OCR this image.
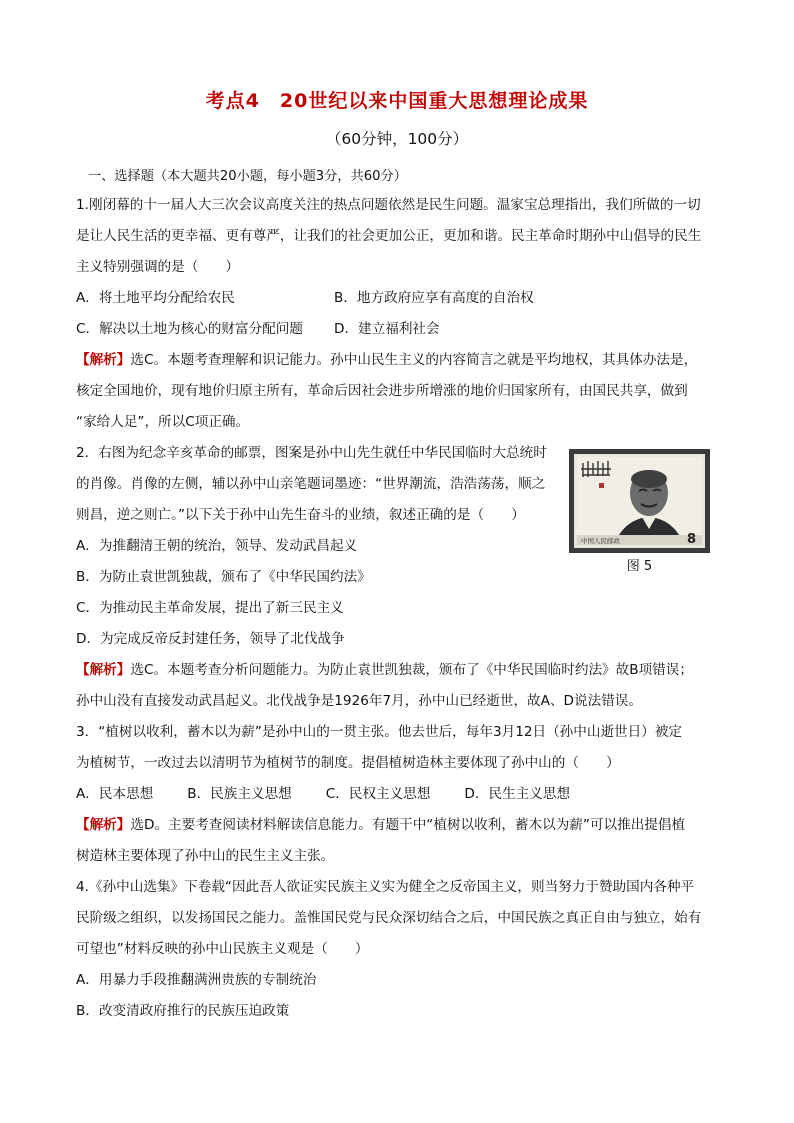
考点4　20世纪以来中国重大思想理论成果
（60分钟，100分）
一、选择题（本大题共20小题，每小题3分，共60分）

1.刚闭幕的十一届人大三次会议高度关注的热点问题依然是民生问题。温家宝总理指出，我们所做的一切

是让人民生活的更幸福、更有尊严，让我们的社会更加公正，更加和谐。民主革命时期孙中山倡导的民生

主义特别强调的是（　　）

A．将土地平均分配给农民	B．地方政府应享有高度的自治权
C．解决以土地为核心的财富分配问题	D．建立福利社会

【解析】选C。本题考查理解和识记能力。孙中山民生主义的内容简言之就是平均地权，其具体办法是，

核定全国地价，现有地价归原主所有，革命后因社会进步所增涨的地价归国家所有，由国民共享，做到

“家给人足”，所以C项正确。

2．右图为纪念辛亥革命的邮票，图案是孙中山先生就任中华民国临时大总统时

的肖像。肖像的左侧，辅以孙中山亲笔题词墨迹：“世界潮流，浩浩荡荡，顺之

则昌，逆之则亡。”以下关于孙中山先生奋斗的业绩，叙述正确的是（　　）

A．为推翻清王朝的统治，领导、发动武昌起义

B．为防止袁世凯独裁，颁布了《中华民国约法》

C．为推动民主革命发展，提出了新三民主义

D．为完成反帝反封建任务，领导了北伐战争

【解析】选C。本题考查分析问题能力。为防止袁世凯独裁，颁布了《中华民国临时约法》故B项错误；

孙中山没有直接发动武昌起义。北伐战争是1926年7月，孙中山已经逝世，故A、D说法错误。

3．“植树以收利，蓄木以为薪”是孙中山的一贯主张。他去世后，每年3月12日（孙中山逝世日）被定

为植树节，一改过去以清明节为植树节的制度。提倡植树造林主要体现了孙中山的（　　）

A．民本思想	B．民族主义思想	C．民权主义思想	D．民生主义思想

【解析】选D。主要考查阅读材料解读信息能力。有题干中“植树以收利，蓄木以为薪”可以推出提倡植

树造林主要体现了孙中山的民生主义主张。

4.《孙中山选集》下卷载“因此吾人欲证实民族主义实为健全之反帝国主义，则当努力于赞助国内各种平

民阶级之组织，以发扬国民之能力。盖惟国民党与民众深切结合之后，中国民族之真正自由与独立，始有

可望也”材料反映的孙中山民族主义观是（　　）

A．用暴力手段推翻满洲贵族的专制统治

B．改变清政府推行的民族压迫政策

中国人民邮政	8
图 5
